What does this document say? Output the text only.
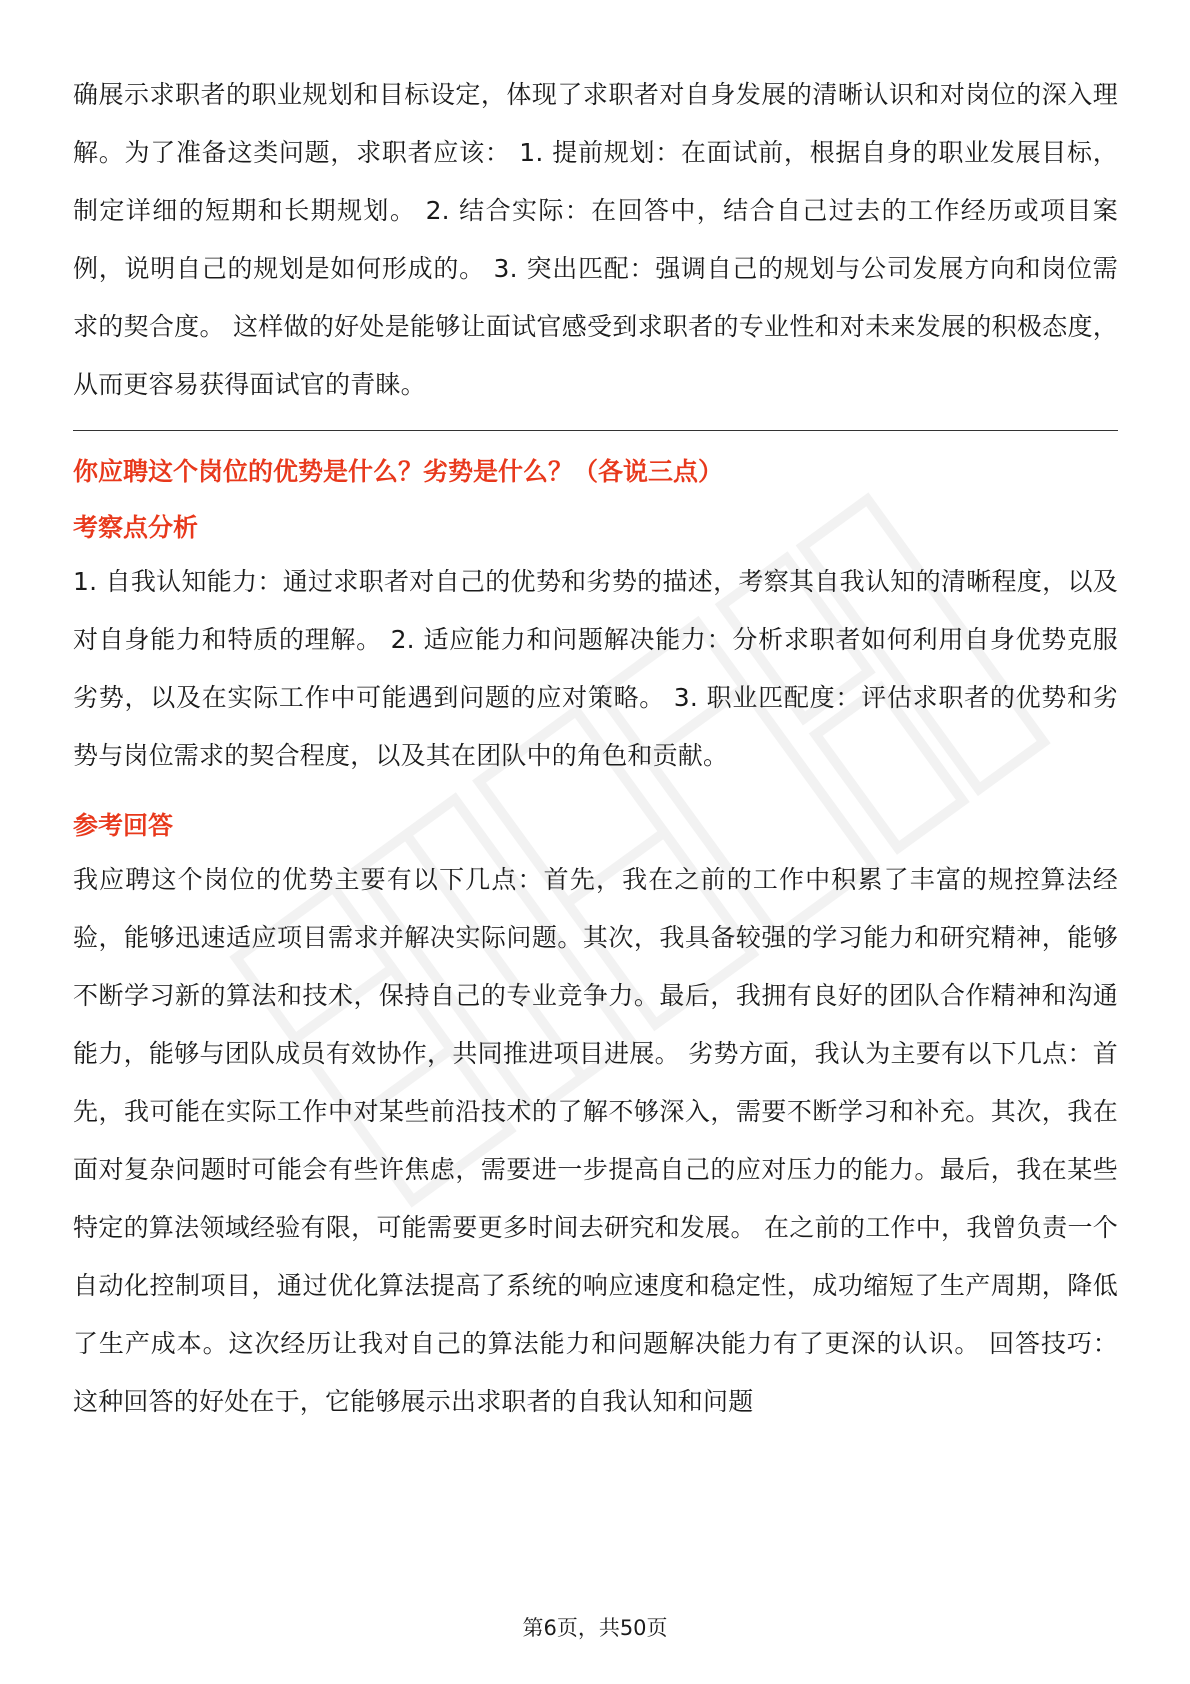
确展示求职者的职业规划和目标设定，体现了求职者对自身发展的清晰认识和对岗位的深入理解。为了准备这类问题，求职者应该： 1. 提前规划：在面试前，根据自身的职业发展目标，制定详细的短期和长期规划。 2. 结合实际：在回答中，结合自己过去的工作经历或项目案例，说明自己的规划是如何形成的。 3. 突出匹配：强调自己的规划与公司发展方向和岗位需求的契合度。 这样做的好处是能够让面试官感受到求职者的专业性和对未来发展的积极态度，从而更容易获得面试官的青睐。

你应聘这个岗位的优势是什么？劣势是什么？（各说三点）

考察点分析

1. 自我认知能力：通过求职者对自己的优势和劣势的描述，考察其自我认知的清晰程度，以及对自身能力和特质的理解。 2. 适应能力和问题解决能力：分析求职者如何利用自身优势克服劣势，以及在实际工作中可能遇到问题的应对策略。 3. 职业匹配度：评估求职者的优势和劣势与岗位需求的契合程度，以及其在团队中的角色和贡献。

参考回答

我应聘这个岗位的优势主要有以下几点：首先，我在之前的工作中积累了丰富的规控算法经验，能够迅速适应项目需求并解决实际问题。其次，我具备较强的学习能力和研究精神，能够不断学习新的算法和技术，保持自己的专业竞争力。最后，我拥有良好的团队合作精神和沟通能力，能够与团队成员有效协作，共同推进项目进展。 劣势方面，我认为主要有以下几点：首先，我可能在实际工作中对某些前沿技术的了解不够深入，需要不断学习和补充。其次，我在面对复杂问题时可能会有些许焦虑，需要进一步提高自己的应对压力的能力。最后，我在某些特定的算法领域经验有限，可能需要更多时间去研究和发展。 在之前的工作中，我曾负责一个自动化控制项目，通过优化算法提高了系统的响应速度和稳定性，成功缩短了生产周期，降低了生产成本。这次经历让我对自己的算法能力和问题解决能力有了更深的认识。 回答技巧： 这种回答的好处在于，它能够展示出求职者的自我认知和问题

第6页，共50页
